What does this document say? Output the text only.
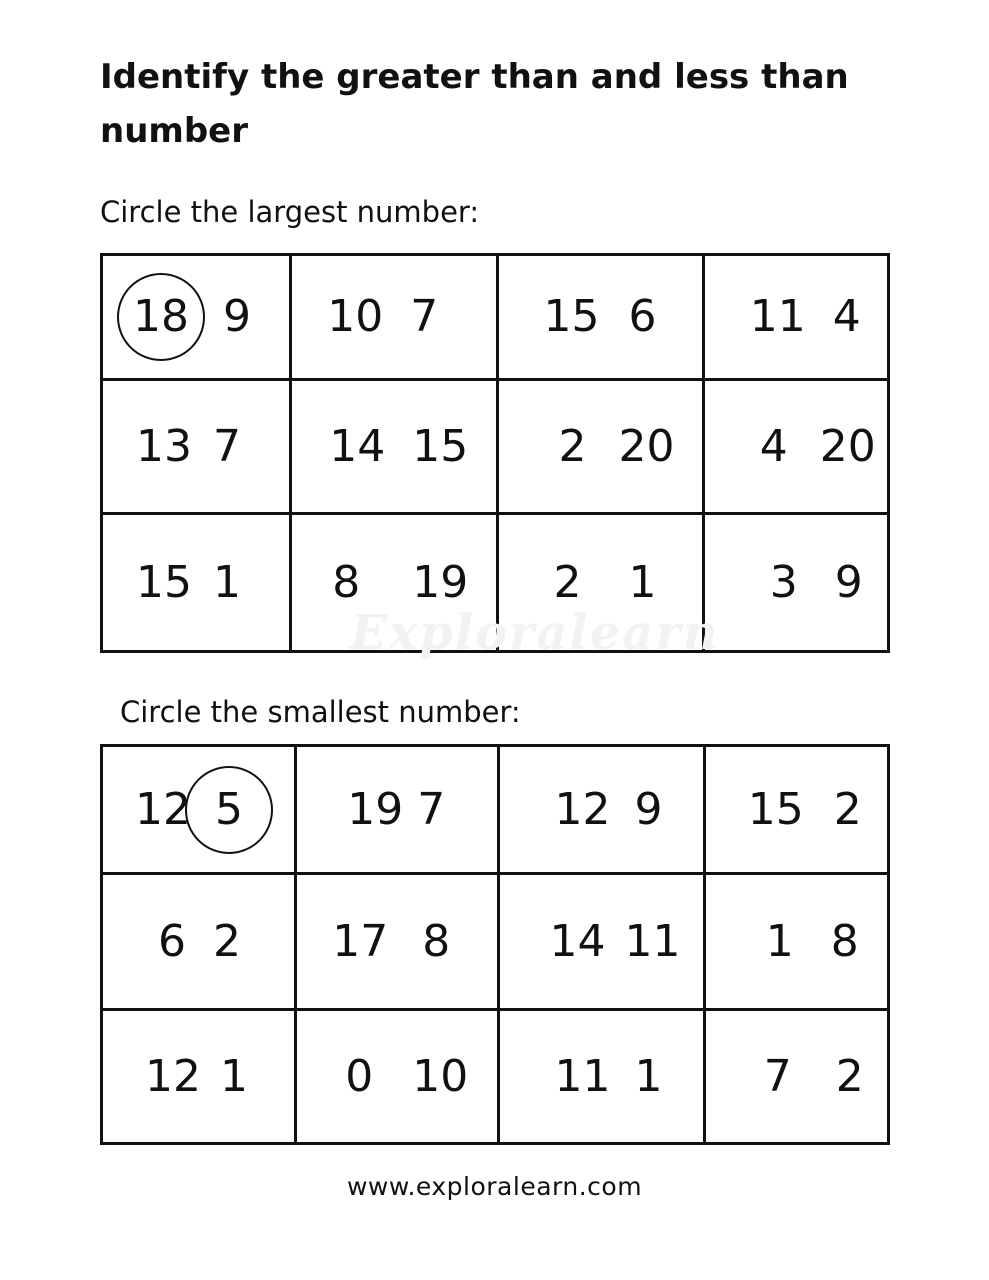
Identify the greater than and less than number

Circle the largest number:

18 9 10 7 15 6 11 4
13 7 14 15 2 20 4 20
15 1 8 19 2 1	3 9
Exploralearn

Circle the smallest number:

12 5 19 7 12 9 15 2
6 2 17 8 14 11 1 8
12 1 0 10 11 1 7 2
www.exploralearn.com
